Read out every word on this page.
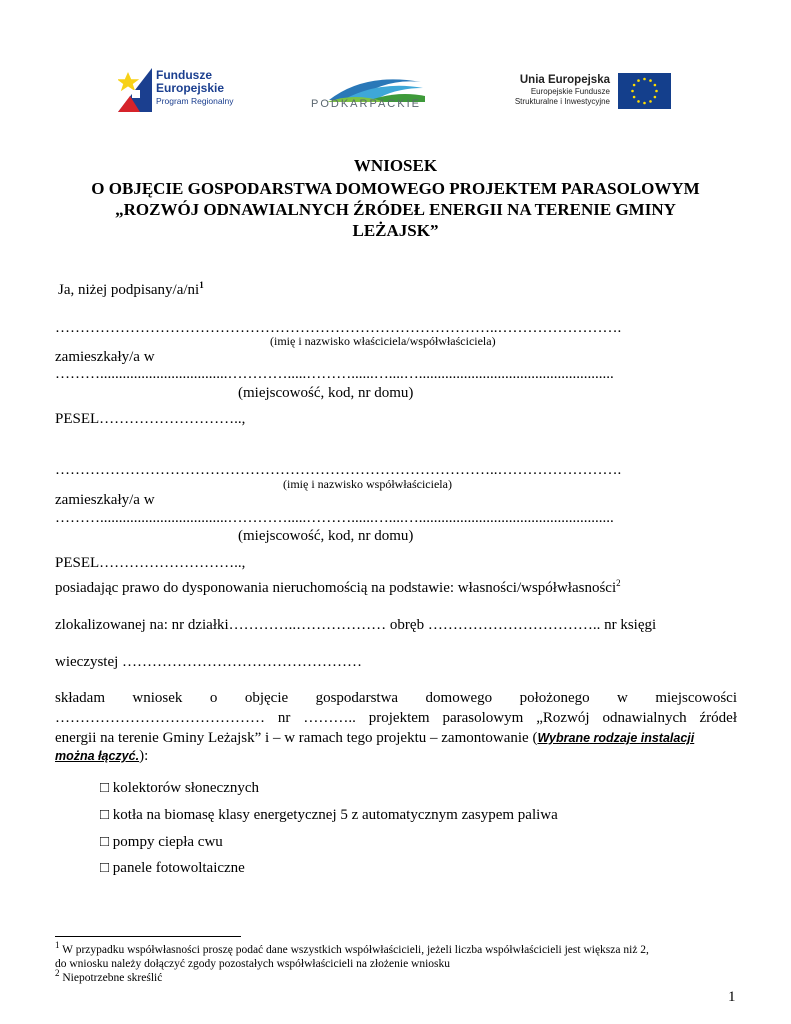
Fundusze
Europejskie
Program Regionalny	PODKARPACKIE
Unia Europejska
Europejskie Fundusze
Strukturalne i Inwestycyjne
WNIOSEK
O OBJĘCIE GOSPODARSTWA DOMOWEGO PROJEKTEM PARASOLOWYM
„ROZWÓJ ODNAWIALNYCH ŹRÓDEŁ ENERGII NA TERENIE GMINY
LEŻAJSK”
Ja, niżej podpisany/$a/ni^1$
……………………………………………………………………………..…………………….
(imię i nazwisko właściciela/współwłaściciela)
zamieszkały/a w
………..................................………….....………......…....…....................................................
(miejscowość, kod, nr domu)
PESEL………………………..,
……………………………………………………………………………..…………………….
(imię i nazwisko współwłaściciela)
zamieszkały/a w
………..................................………….....………......…....…....................................................
(miejscowość, kod, nr domu)
PESEL………………………..,
posiadając prawo do dysponowania nieruchomością na podstawie: własności/współwłasności$^2$
zlokalizowanej na: nr działki…………..……………… obręb …………………………….. nr księgi
wieczystej …………………………………………
składam wniosek o objęcie gospodarstwa domowego położonego w miejscowości
…………………………………… nr ……….. projektem parasolowym „Rozwój odnawialnych źródeł
energii na terenie Gminy Leżajsk” i – w ramach tego projektu – zamontowanie (Wybrane rodzaje instalacji
można łączyć.):
□ kolektorów słonecznych
□ kotła na biomasę klasy energetycznej 5 z automatycznym zasypem paliwa
□ pompy ciepła cwu
□ panele fotowoltaiczne
$^1$ W przypadku współwłasności proszę podać dane wszystkich współwłaścicieli, jeżeli liczba współwłaścicieli jest większa niż 2,
do wniosku należy dołączyć zgody pozostałych współwłaścicieli na złożenie wniosku
$^2$ Niepotrzebne skreślić
1
